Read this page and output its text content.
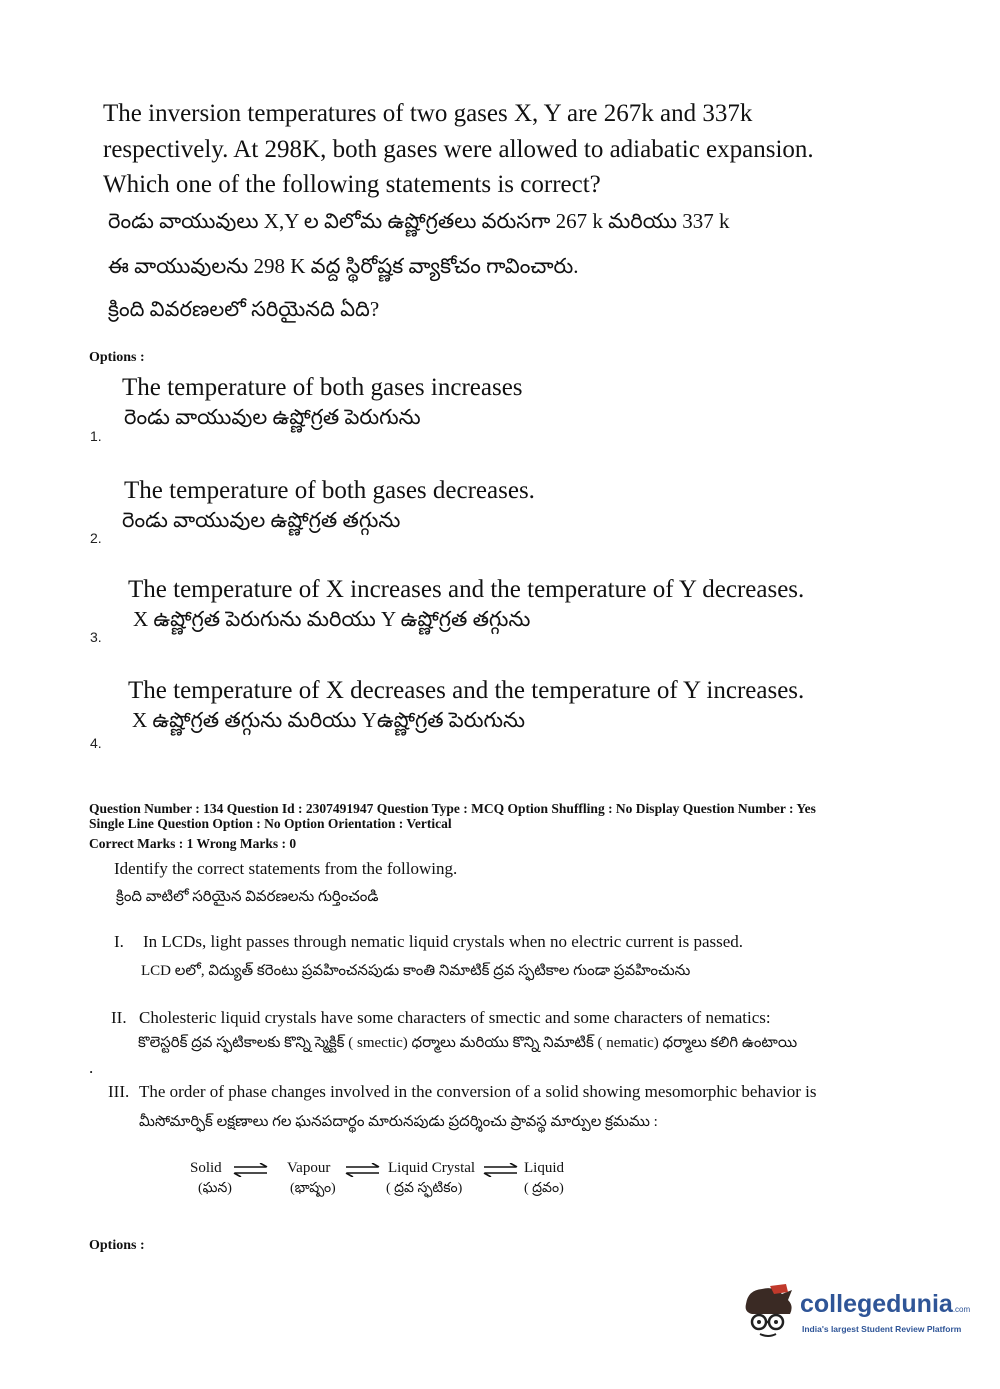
The inversion temperatures of two gases X, Y are 267k and 337k
respectively. At 298K, both gases were allowed to adiabatic expansion.
Which one of the following statements is correct?
రెండు వాయువులు X,Y ల విలోమ ఉష్ణోగ్రతలు వరుసగా 267 k మరియు 337 k
ఈ వాయువులను 298 K వద్ద స్థిరోష్ణక వ్యాకోచం గావించారు.
క్రింది వివరణలలో సరియైనది ఏది?
Options :
The temperature of both gases increases
రెండు వాయువుల ఉష్ణోగ్రత పెరుగును
1.
The temperature of both gases decreases.
రెండు వాయువుల ఉష్ణోగ్రత తగ్గును
2.
The temperature of X increases and the temperature of Y decreases.
X ఉష్ణోగ్రత పెరుగును మరియు Y ఉష్ణోగ్రత తగ్గును
3.
The temperature of X decreases and the temperature of Y increases.
X ఉష్ణోగ్రత తగ్గును మరియు Yఉష్ణోగ్రత పెరుగును
4.
Question Number : 134 Question Id : 2307491947 Question Type : MCQ Option Shuffling : No Display Question Number : Yes
Single Line Question Option : No Option Orientation : Vertical
Correct Marks : 1 Wrong Marks : 0
Identify the correct statements from the following.
క్రింది వాటిలో సరియైన వివరణలను గుర్తించండి
I. In LCDs, light passes through nematic liquid crystals when no electric current is passed.
LCD లలో, విద్యుత్ కరెంటు ప్రవహించనపుడు కాంతి నిమాటిక్ ద్రవ స్ఫటికాల గుండా ప్రవహించును
II. Cholesteric liquid crystals have some characters of smectic and some characters of nematics:
కొలెస్టరిక్ ద్రవ స్ఫటికాలకు కొన్ని స్మెక్టిక్ ( smectic) ధర్మాలు మరియు కొన్ని నిమాటిక్ ( nematic) ధర్మాలు కలిగి ఉంటాయి
.
III. The order of phase changes involved in the conversion of a solid showing mesomorphic behavior is
మీసోమార్ఫిక్ లక్షణాలు గల ఘనపదార్థం మారునపుడు ప్రదర్శించు ప్రావస్థ మార్పుల క్రమము :
Solid ⇌ Vapour ⇌ Liquid Crystal ⇌ Liquid
(ఘన)	(భాష్పం)	( ద్రవ స్ఫటికం)	( ద్రవం)
Options :
collegedunia.com
India's largest Student Review Platform
